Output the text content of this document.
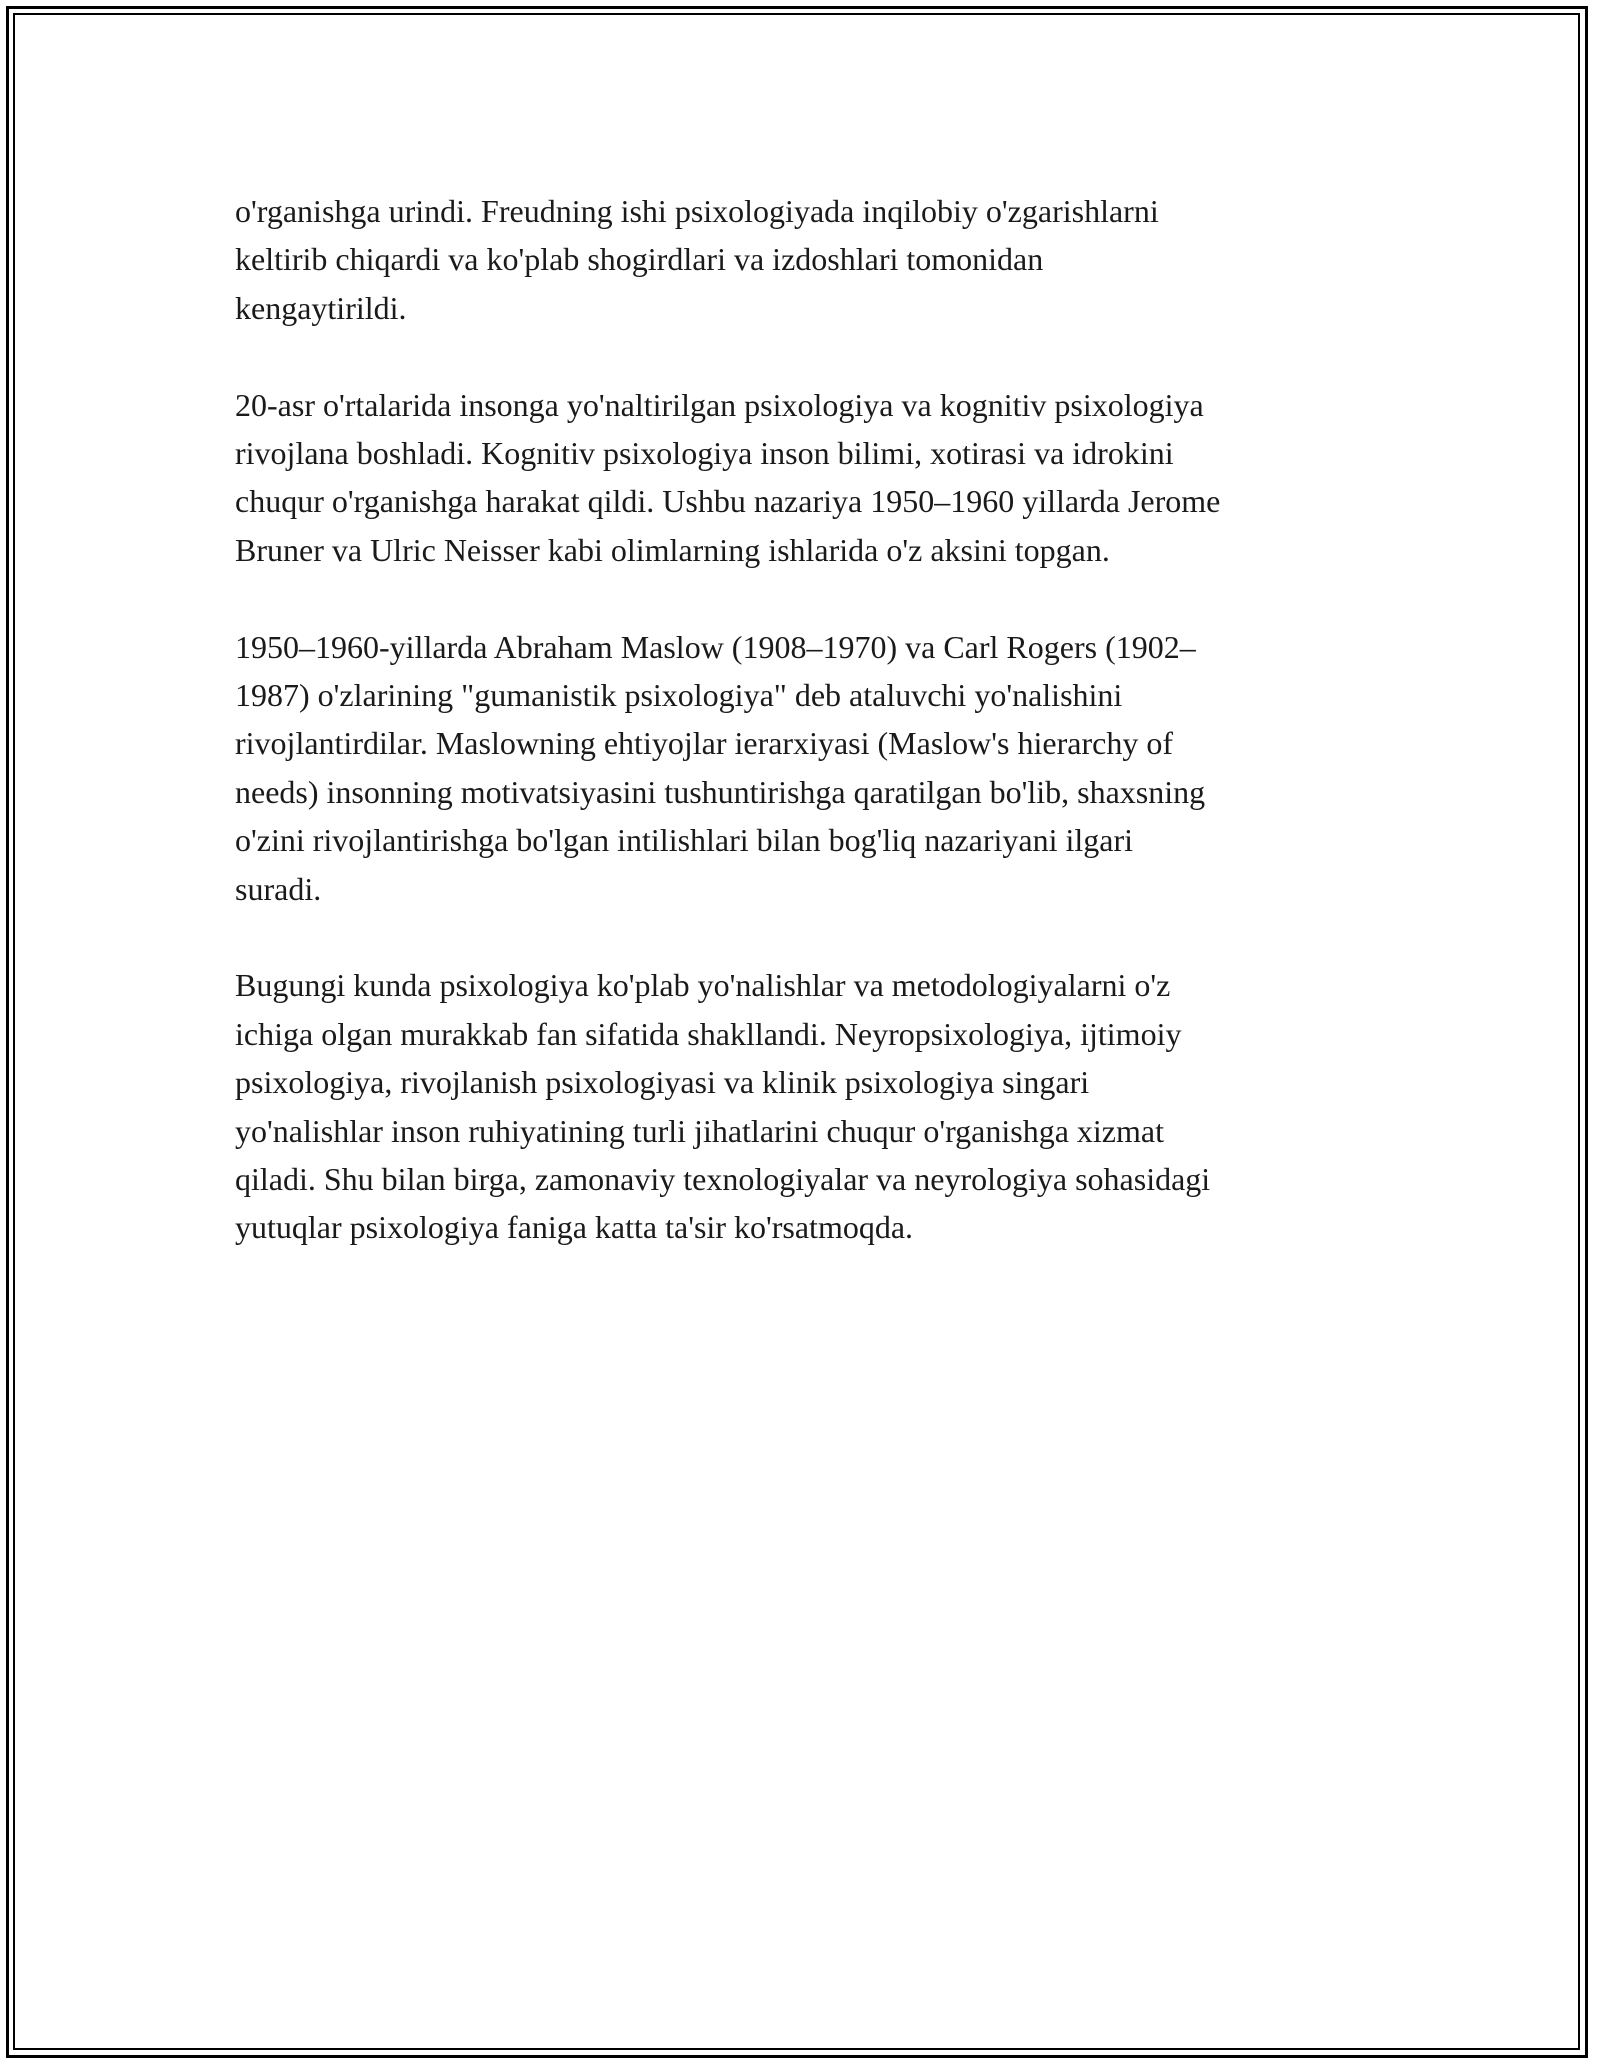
o'rganishga urindi. Freudning ishi psixologiyada inqilobiy o'zgarishlarni
keltirib chiqardi va ko'plab shogirdlari va izdoshlari tomonidan
kengaytirildi.

20-asr o'rtalarida insonga yo'naltirilgan psixologiya va kognitiv psixologiya
rivojlana boshladi. Kognitiv psixologiya inson bilimi, xotirasi va idrokini
chuqur o'rganishga harakat qildi. Ushbu nazariya 1950–1960 yillarda Jerome
Bruner va Ulric Neisser kabi olimlarning ishlarida o'z aksini topgan.

1950–1960-yillarda Abraham Maslow (1908–1970) va Carl Rogers (1902–
1987) o'zlarining "gumanistik psixologiya" deb ataluvchi yo'nalishini
rivojlantirdilar. Maslowning ehtiyojlar ierarxiyasi (Maslow's hierarchy of
needs) insonning motivatsiyasini tushuntirishga qaratilgan bo'lib, shaxsning
o'zini rivojlantirishga bo'lgan intilishlari bilan bog'liq nazariyani ilgari
suradi.

Bugungi kunda psixologiya ko'plab yo'nalishlar va metodologiyalarni o'z
ichiga olgan murakkab fan sifatida shakllandi. Neyropsixologiya, ijtimoiy
psixologiya, rivojlanish psixologiyasi va klinik psixologiya singari
yo'nalishlar inson ruhiyatining turli jihatlarini chuqur o'rganishga xizmat
qiladi. Shu bilan birga, zamonaviy texnologiyalar va neyrologiya sohasidagi
yutuqlar psixologiya faniga katta ta'sir ko'rsatmoqda.
